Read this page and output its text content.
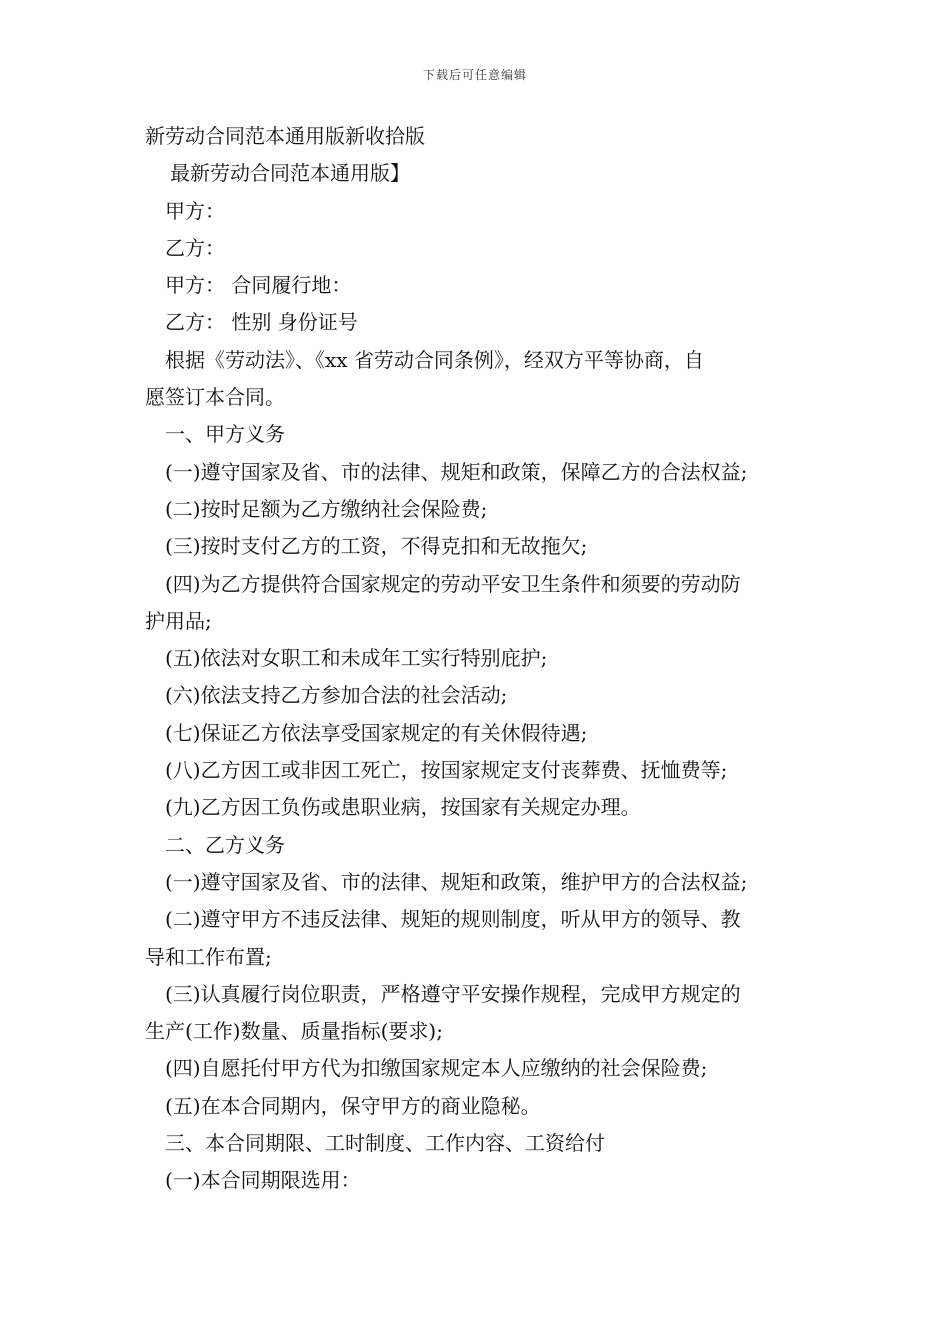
下载后可任意编辑
新劳动合同范本通用版新收拾版
最新劳动合同范本通用版】
甲方：
乙方：
甲方： 合同履行地：
乙方： 性别 身份证号
根据《劳动法》、《xx 省劳动合同条例》，经双方平等协商，自
愿签订本合同。
一、甲方义务
(一)遵守国家及省、市的法律、规矩和政策，保障乙方的合法权益;
(二)按时足额为乙方缴纳社会保险费;
(三)按时支付乙方的工资，不得克扣和无故拖欠;
(四)为乙方提供符合国家规定的劳动平安卫生条件和须要的劳动防
护用品;
(五)依法对女职工和未成年工实行特别庇护;
(六)依法支持乙方参加合法的社会活动;
(七)保证乙方依法享受国家规定的有关休假待遇;
(八)乙方因工或非因工死亡，按国家规定支付丧葬费、抚恤费等;
(九)乙方因工负伤或患职业病，按国家有关规定办理。
二、乙方义务
(一)遵守国家及省、市的法律、规矩和政策，维护甲方的合法权益;
(二)遵守甲方不违反法律、规矩的规则制度，听从甲方的领导、教
导和工作布置;
(三)认真履行岗位职责，严格遵守平安操作规程，完成甲方规定的
生产(工作)数量、质量指标(要求);
(四)自愿托付甲方代为扣缴国家规定本人应缴纳的社会保险费;
(五)在本合同期内，保守甲方的商业隐秘。
三、本合同期限、工时制度、工作内容、工资给付
(一)本合同期限选用：
